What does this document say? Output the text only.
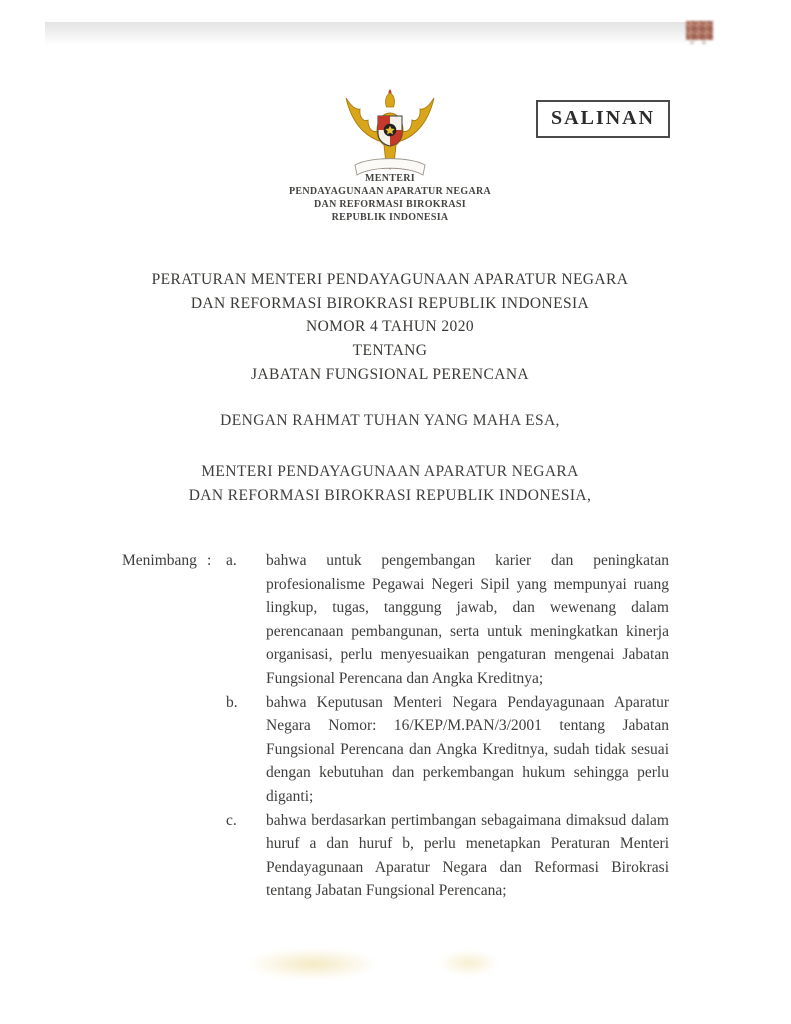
SALINAN
MENTERI
PENDAYAGUNAAN APARATUR NEGARA
DAN REFORMASI BIROKRASI
REPUBLIK INDONESIA
PERATURAN MENTERI PENDAYAGUNAAN APARATUR NEGARA
DAN REFORMASI BIROKRASI REPUBLIK INDONESIA
NOMOR 4 TAHUN 2020
TENTANG
JABATAN FUNGSIONAL PERENCANA
DENGAN RAHMAT TUHAN YANG MAHA ESA,
MENTERI PENDAYAGUNAAN APARATUR NEGARA
DAN REFORMASI BIROKRASI REPUBLIK INDONESIA,
Menimbang : a.	bahwa untuk pengembangan karier dan peningkatan profesionalisme Pegawai Negeri Sipil yang mempunyai ruang lingkup, tugas, tanggung jawab, dan wewenang dalam perencanaan pembangunan, serta untuk meningkatkan kinerja organisasi, perlu menyesuaikan pengaturan mengenai Jabatan Fungsional Perencana dan Angka Kreditnya;

b.	bahwa Keputusan Menteri Negara Pendayagunaan Aparatur Negara Nomor: 16/KEP/M.PAN/3/2001 tentang Jabatan Fungsional Perencana dan Angka Kreditnya, sudah tidak sesuai dengan kebutuhan dan perkembangan hukum sehingga perlu diganti;

c.	bahwa berdasarkan pertimbangan sebagaimana dimaksud dalam huruf a dan huruf b, perlu menetapkan Peraturan Menteri Pendayagunaan Aparatur Negara dan Reformasi Birokrasi tentang Jabatan Fungsional Perencana;
